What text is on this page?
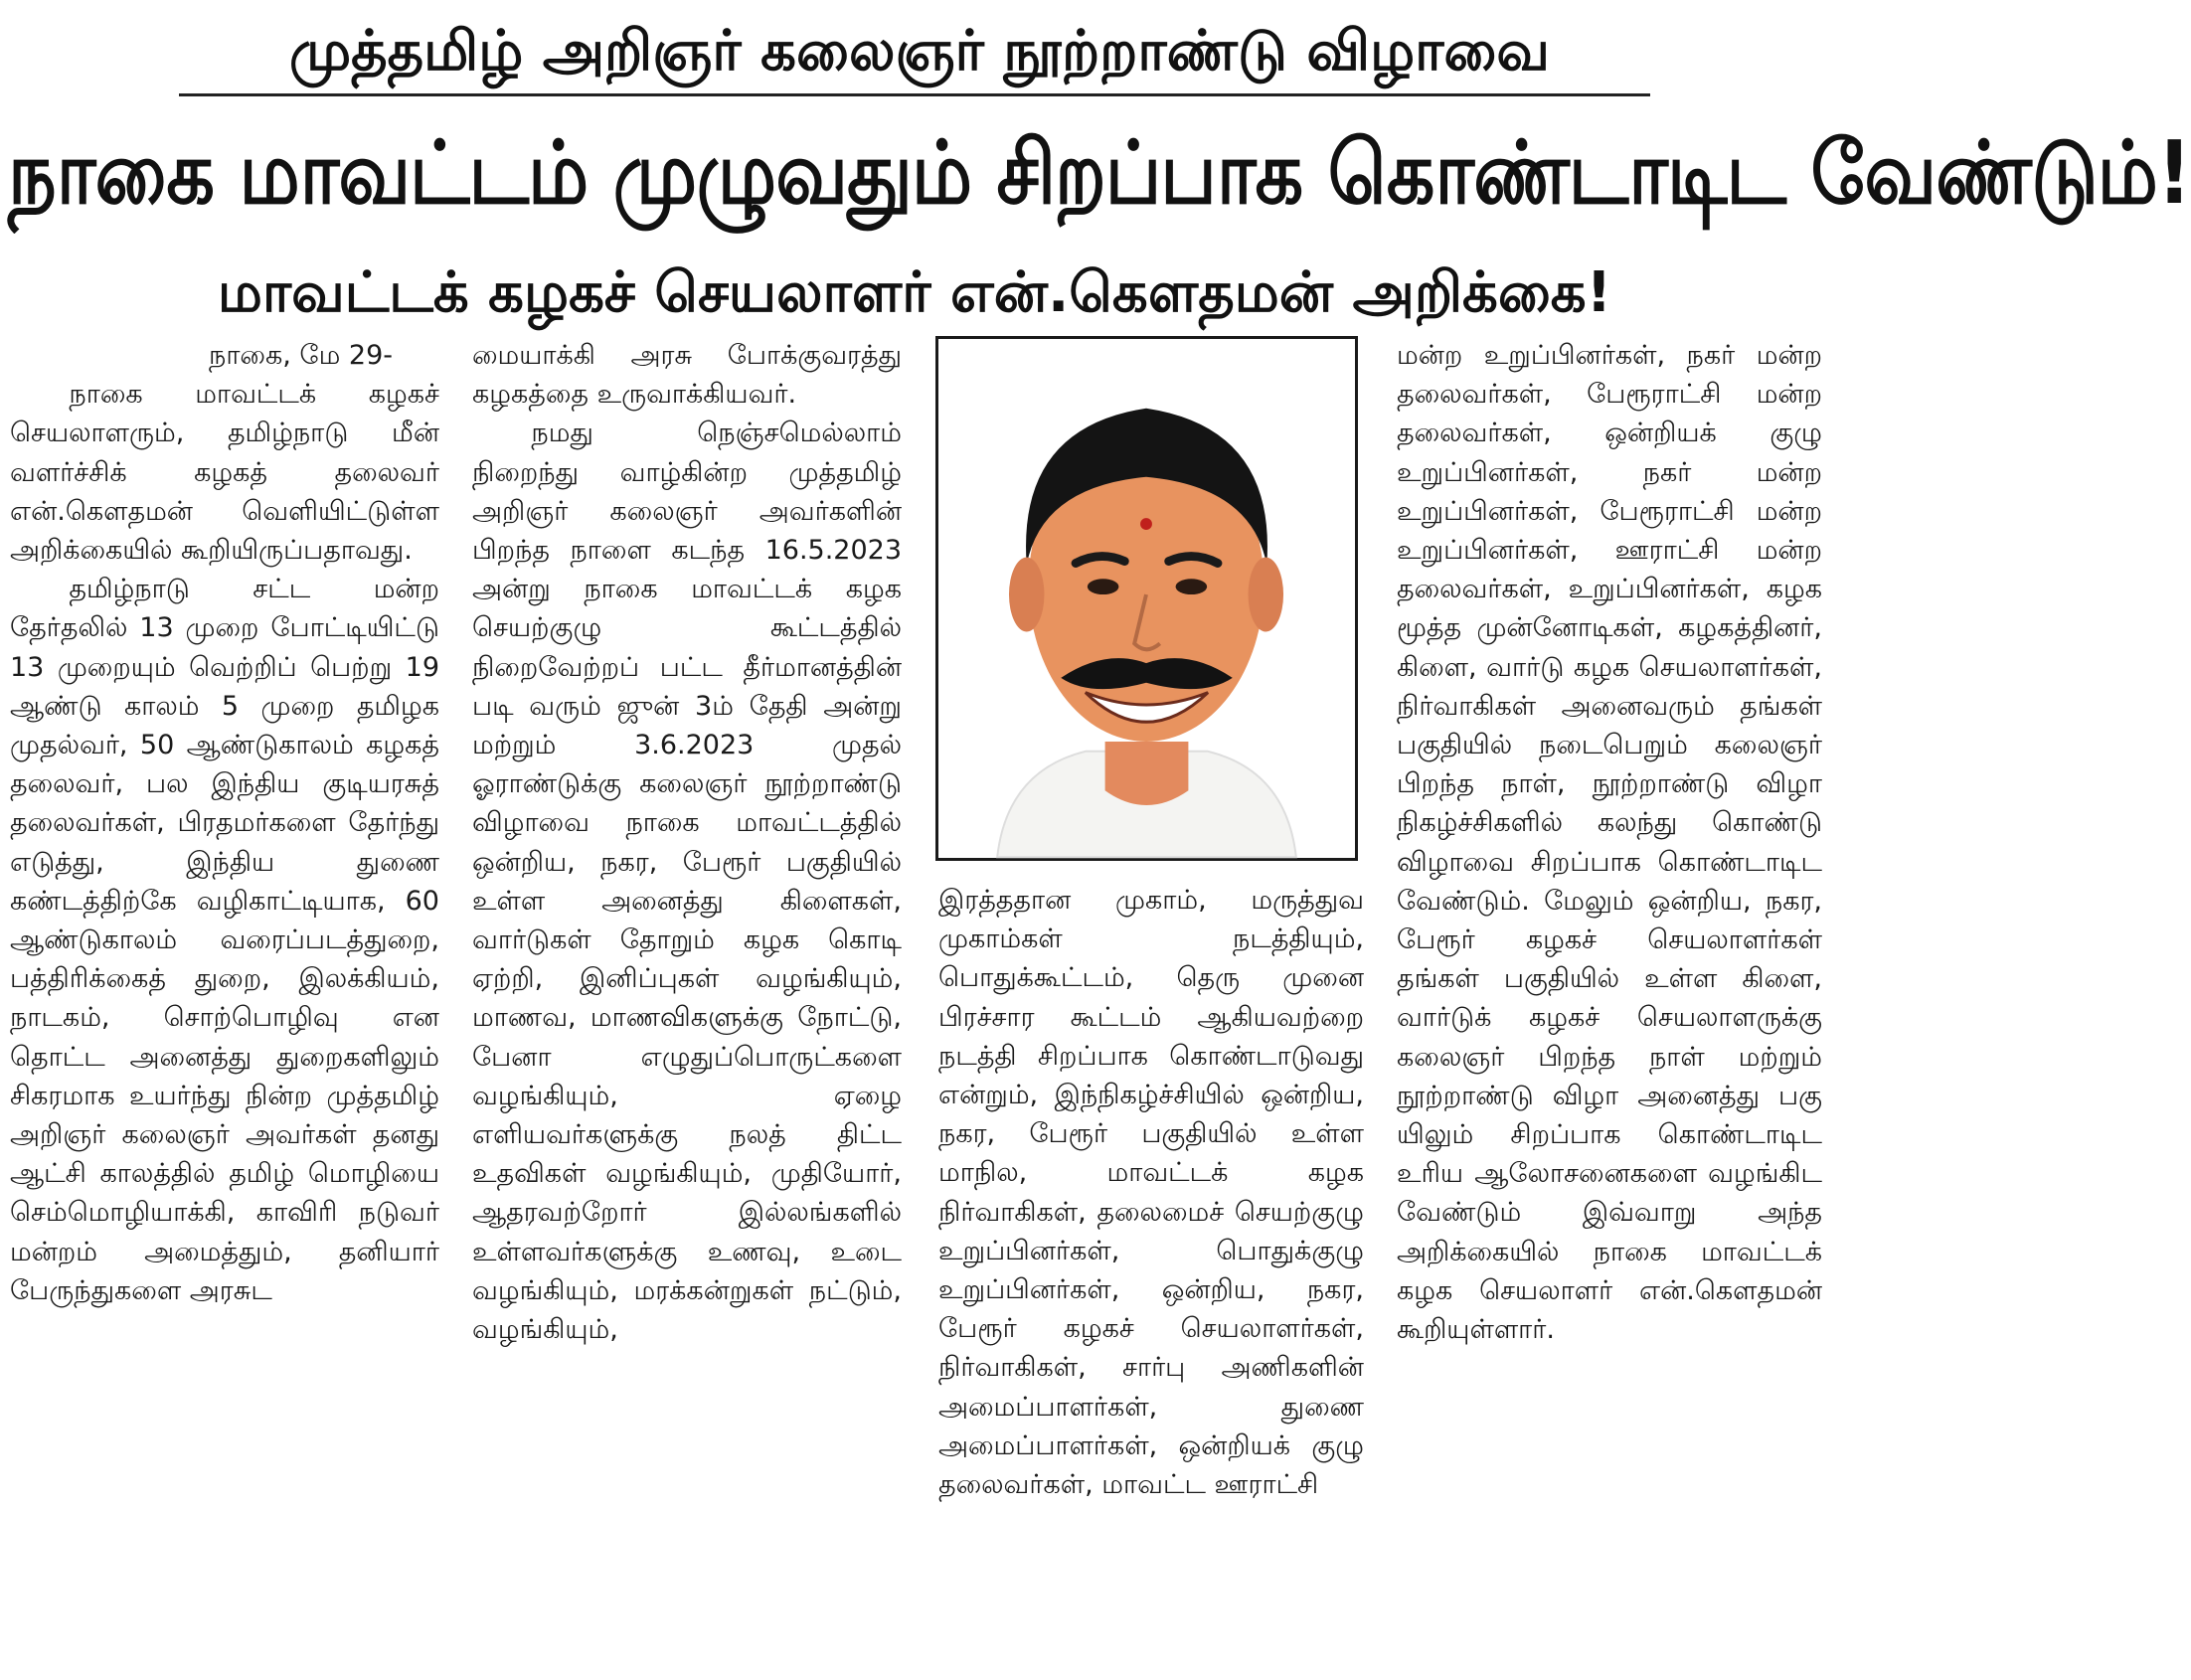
முத்தமிழ் அறிஞர் கலைஞர் நூற்றாண்டு விழாவை
நாகை மாவட்டம் முழுவதும் சிறப்பாக கொண்டாடிட வேண்டும்!
மாவட்டக் கழகச் செயலாளர் என்.கௌதமன் அறிக்கை!

நாகை, மே 29-

நாகை மாவட்டக் கழகச் செயலாளரும், தமிழ்நாடு மீன் வளர்ச்சிக் கழகத் தலைவர் என்.கௌதமன் வெளியிட்டுள்ள அறிக்கையில் கூறியிருப்பதாவது.

தமிழ்நாடு சட்ட மன்ற தேர்தலில் 13 முறை போட்டியிட்டு 13 முறையும் வெற்றிப் பெற்று 19 ஆண்டு காலம் 5 முறை தமிழக முதல்வர், 50 ஆண்டுகாலம் கழகத் தலைவர், பல இந்திய குடியரசுத் தலைவர்கள், பிரதமர்களை தேர்ந்து எடுத்து, இந்திய துணை கண்டத்திற்கே வழிகாட்டியாக, 60 ஆண்டுகாலம் வரைப்படத்துறை, பத்திரிக்கைத் துறை, இலக்கியம், நாடகம், சொற்பொழிவு என தொட்ட அனைத்து துறைகளிலும் சிகரமாக உயர்ந்து நின்ற முத்தமிழ் அறிஞர் கலைஞர் அவர்கள் தனது ஆட்சி காலத்தில் தமிழ் மொழியை செம்மொழியாக்கி, காவிரி நடுவர் மன்றம் அமைத்தும், தனியார் பேருந்துகளை அரசுட

மையாக்கி அரசு போக்குவரத்து கழகத்தை உருவாக்கியவர்.

நமது நெஞ்சமெல்லாம் நிறைந்து வாழ்கின்ற முத்தமிழ் அறிஞர் கலைஞர் அவர்களின் பிறந்த நாளை கடந்த 16.5.2023 அன்று நாகை மாவட்டக் கழக செயற்குழு கூட்டத்தில் நிறைவேற்றப் பட்ட தீர்மானத்தின் படி வரும் ஜுன் 3ம் தேதி அன்று மற்றும் 3.6.2023 முதல் ஓராண்டுக்கு கலைஞர் நூற்றாண்டு விழாவை நாகை மாவட்டத்தில் ஒன்றிய, நகர, பேரூர் பகுதியில் உள்ள அனைத்து கிளைகள், வார்டுகள் தோறும் கழக கொடி ஏற்றி, இனிப்புகள் வழங்கியும், மாணவ, மாணவிகளுக்கு நோட்டு, பேனா எழுதுப்பொருட்களை வழங்கியும், ஏழை எளியவர்களுக்கு நலத் திட்ட உதவிகள் வழங்கியும், முதியோர், ஆதரவற்றோர் இல்லங்களில் உள்ளவர்களுக்கு உணவு, உடை வழங்கியும், மரக்கன்றுகள் நட்டும், வழங்கியும்,

இரத்ததான முகாம், மருத்துவ முகாம்கள் நடத்தியும், பொதுக்கூட்டம், தெரு முனை பிரச்சார கூட்டம் ஆகியவற்றை நடத்தி சிறப்பாக கொண்டாடுவது என்றும், இந்நிகழ்ச்சியில் ஒன்றிய, நகர, பேரூர் பகுதியில் உள்ள மாநில, மாவட்டக் கழக நிர்வாகிகள், தலைமைச் செயற்குழு உறுப்பினர்கள், பொதுக்குழு உறுப்பினர்கள், ஒன்றிய, நகர, பேரூர் கழகச் செயலாளர்கள், நிர்வாகிகள், சார்பு அணிகளின் அமைப்பாளர்கள், துணை அமைப்பாளர்கள், ஒன்றியக் குழு தலைவர்கள், மாவட்ட ஊராட்சி

மன்ற உறுப்பினர்கள், நகர் மன்ற தலைவர்கள், பேரூராட்சி மன்ற தலைவர்கள், ஒன்றியக் குழு உறுப்பினர்கள், நகர் மன்ற உறுப்பினர்கள், பேரூராட்சி மன்ற உறுப்பினர்கள், ஊராட்சி மன்ற தலைவர்கள், உறுப்பினர்கள், கழக மூத்த முன்னோடிகள், கழகத்தினர், கிளை, வார்டு கழக செயலாளர்கள், நிர்வாகிகள் அனைவரும் தங்கள் பகுதியில் நடைபெறும் கலைஞர் பிறந்த நாள், நூற்றாண்டு விழா நிகழ்ச்சிகளில் கலந்து கொண்டு விழாவை சிறப்பாக கொண்டாடிட வேண்டும். மேலும் ஒன்றிய, நகர, பேரூர் கழகச் செயலாளர்கள் தங்கள் பகுதியில் உள்ள கிளை, வார்டுக் கழகச் செயலாளருக்கு கலைஞர் பிறந்த நாள் மற்றும் நூற்றாண்டு விழா அனைத்து பகு யிலும் சிறப்பாக கொண்டாடிட உரிய ஆலோசனைகளை வழங்கிட வேண்டும் இவ்வாறு அந்த அறிக்கையில் நாகை மாவட்டக் கழக செயலாளர் என்.கௌதமன் கூறியுள்ளார்.
